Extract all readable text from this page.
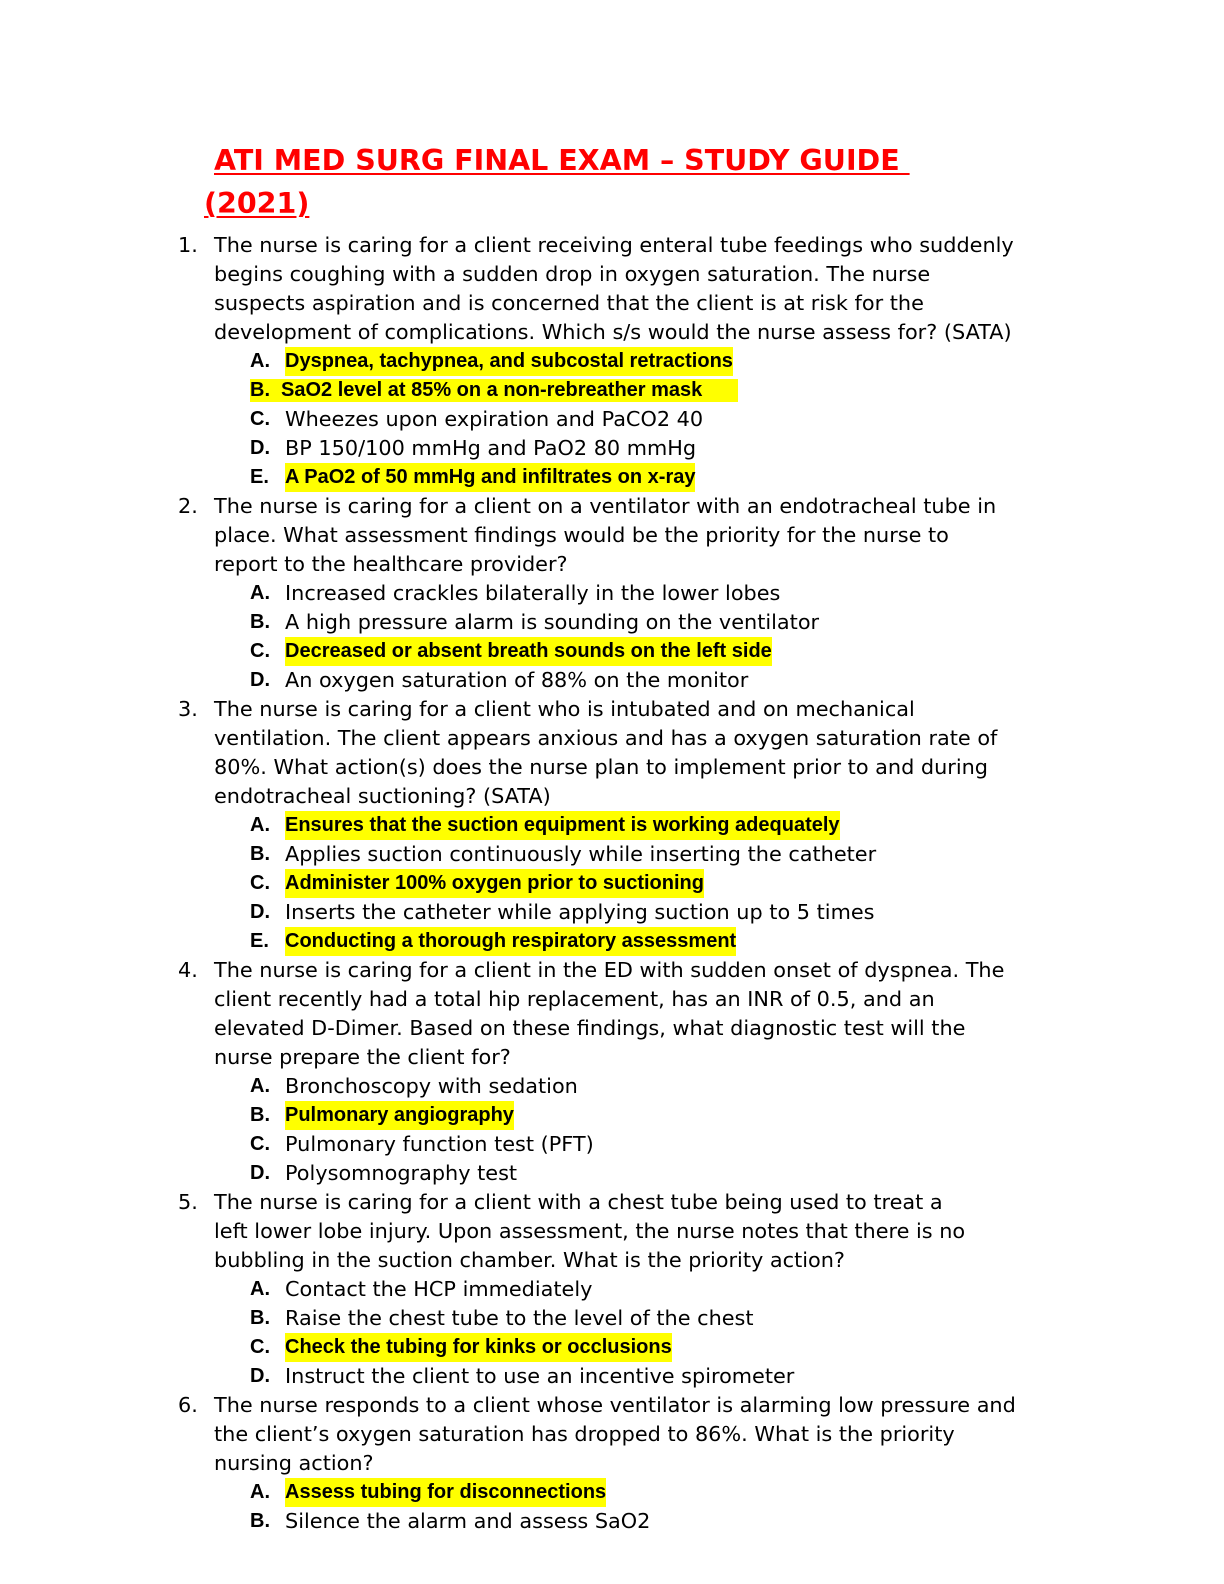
ATI MED SURG FINAL EXAM – STUDY GUIDE
(2021)
1. The nurse is caring for a client receiving enteral tube feedings who suddenly
begins coughing with a sudden drop in oxygen saturation. The nurse
suspects aspiration and is concerned that the client is at risk for the
development of complications. Which s/s would the nurse assess for? (SATA)
A. Dyspnea, tachypnea, and subcostal retractions
B. SaO2 level at 85% on a non-rebreather mask
C. Wheezes upon expiration and PaCO2 40
D. BP 150/100 mmHg and PaO2 80 mmHg
E. A PaO2 of 50 mmHg and infiltrates on x-ray
2. The nurse is caring for a client on a ventilator with an endotracheal tube in
place. What assessment findings would be the priority for the nurse to
report to the healthcare provider?
A. Increased crackles bilaterally in the lower lobes
B. A high pressure alarm is sounding on the ventilator
C. Decreased or absent breath sounds on the left side
D. An oxygen saturation of 88% on the monitor
3. The nurse is caring for a client who is intubated and on mechanical
ventilation. The client appears anxious and has a oxygen saturation rate of
80%. What action(s) does the nurse plan to implement prior to and during
endotracheal suctioning? (SATA)
A. Ensures that the suction equipment is working adequately
B. Applies suction continuously while inserting the catheter
C. Administer 100% oxygen prior to suctioning
D. Inserts the catheter while applying suction up to 5 times
E. Conducting a thorough respiratory assessment
4. The nurse is caring for a client in the ED with sudden onset of dyspnea. The
client recently had a total hip replacement, has an INR of 0.5, and an
elevated D-Dimer. Based on these findings, what diagnostic test will the
nurse prepare the client for?
A. Bronchoscopy with sedation
B. Pulmonary angiography
C. Pulmonary function test (PFT)
D. Polysomnography test
5. The nurse is caring for a client with a chest tube being used to treat a
left lower lobe injury. Upon assessment, the nurse notes that there is no
bubbling in the suction chamber. What is the priority action?
A. Contact the HCP immediately
B. Raise the chest tube to the level of the chest
C. Check the tubing for kinks or occlusions
D. Instruct the client to use an incentive spirometer
6. The nurse responds to a client whose ventilator is alarming low pressure and
the client’s oxygen saturation has dropped to 86%. What is the priority
nursing action?
A. Assess tubing for disconnections
B. Silence the alarm and assess SaO2
